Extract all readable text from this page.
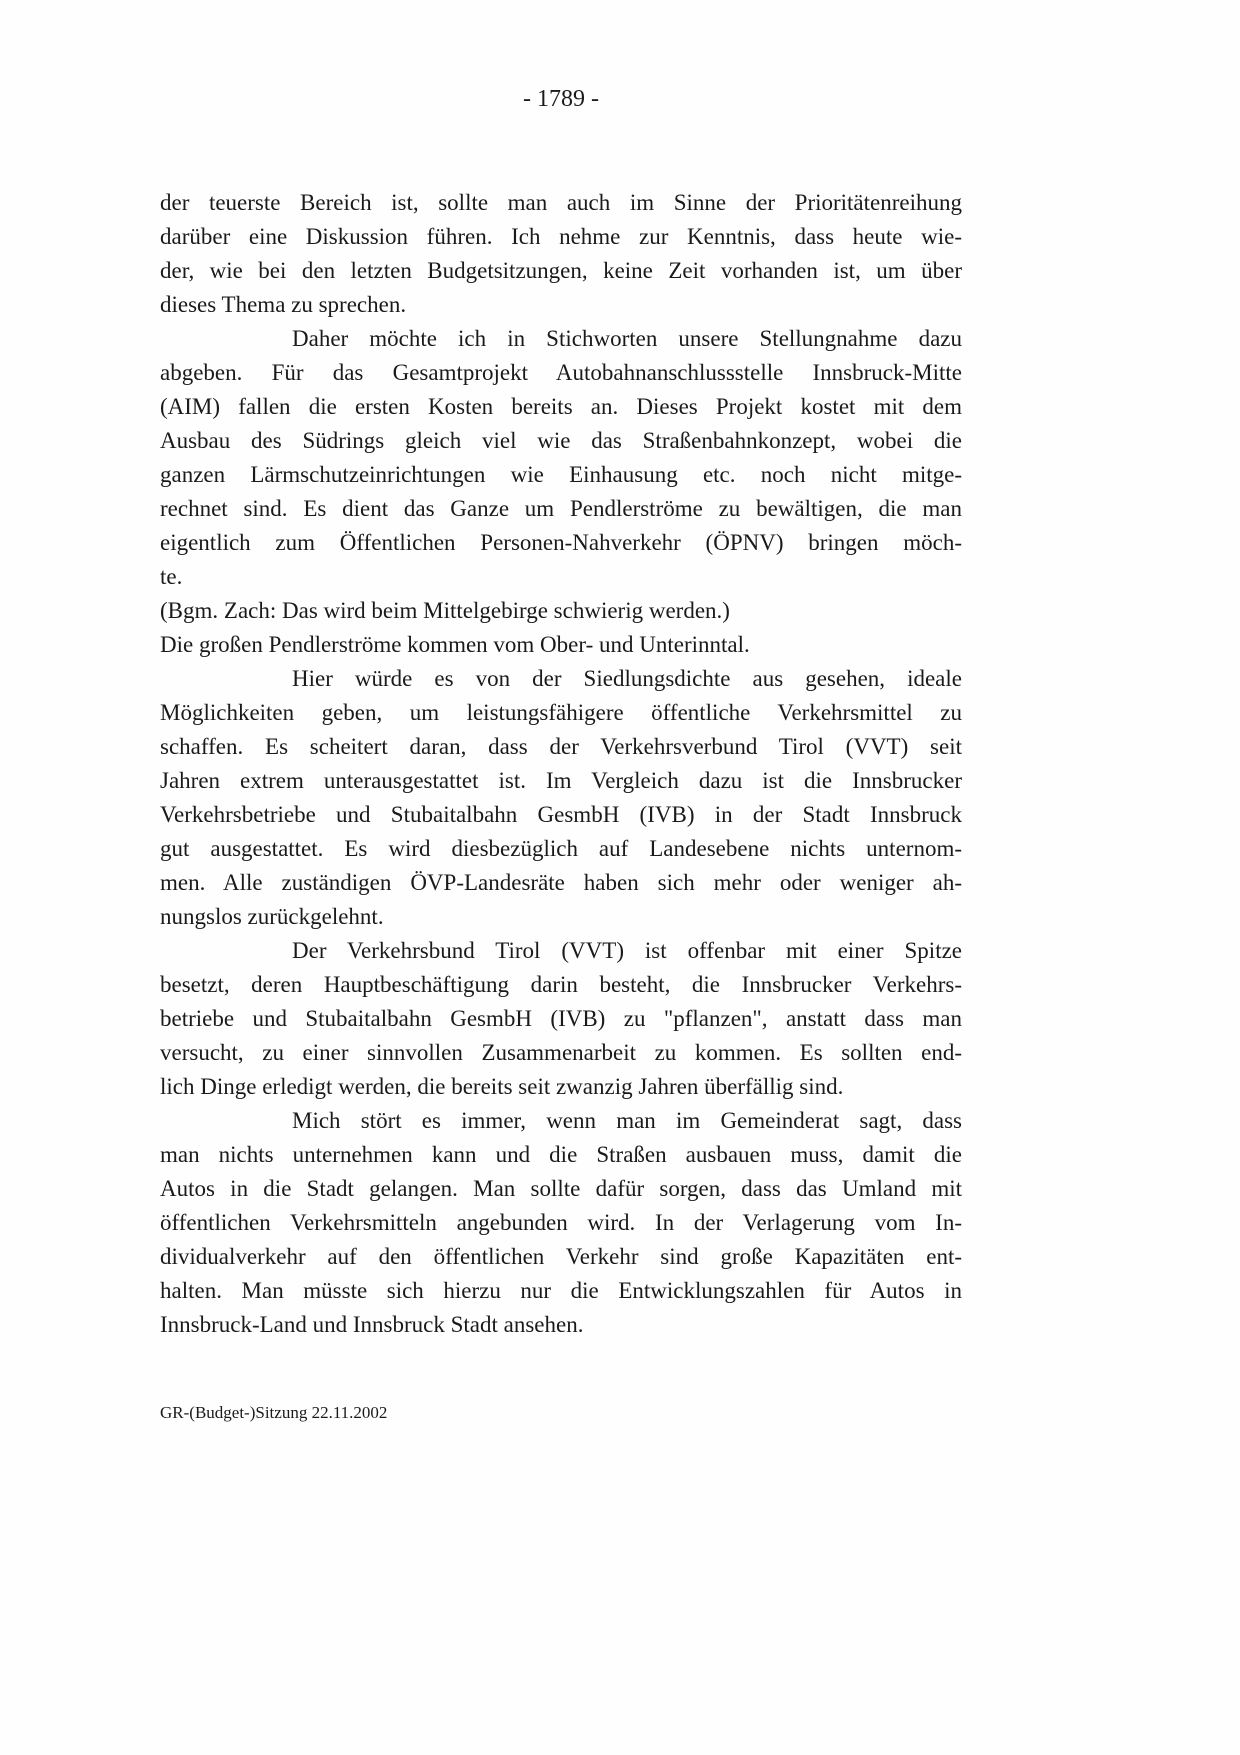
- 1789 -
der teuerste Bereich ist, sollte man auch im Sinne der Prioritätenreihung
darüber eine Diskussion führen. Ich nehme zur Kenntnis, dass heute wie-
der, wie bei den letzten Budgetsitzungen, keine Zeit vorhanden ist, um über
dieses Thema zu sprechen.
Daher möchte ich in Stichworten unsere Stellungnahme dazu
abgeben. Für das Gesamtprojekt Autobahnanschlussstelle Innsbruck-Mitte
(AIM) fallen die ersten Kosten bereits an. Dieses Projekt kostet mit dem
Ausbau des Südrings gleich viel wie das Straßenbahnkonzept, wobei die
ganzen Lärmschutzeinrichtungen wie Einhausung etc. noch nicht mitge-
rechnet sind. Es dient das Ganze um Pendlerströme zu bewältigen, die man
eigentlich zum Öffentlichen Personen-Nahverkehr (ÖPNV) bringen möch-
te.
(Bgm. Zach: Das wird beim Mittelgebirge schwierig werden.)
Die großen Pendlerströme kommen vom Ober- und Unterinntal.
Hier würde es von der Siedlungsdichte aus gesehen, ideale
Möglichkeiten geben, um leistungsfähigere öffentliche Verkehrsmittel zu
schaffen. Es scheitert daran, dass der Verkehrsverbund Tirol (VVT) seit
Jahren extrem unterausgestattet ist. Im Vergleich dazu ist die Innsbrucker
Verkehrsbetriebe und Stubaitalbahn GesmbH (IVB) in der Stadt Innsbruck
gut ausgestattet. Es wird diesbezüglich auf Landesebene nichts unternom-
men. Alle zuständigen ÖVP-Landesräte haben sich mehr oder weniger ah-
nungslos zurückgelehnt.
Der Verkehrsbund Tirol (VVT) ist offenbar mit einer Spitze
besetzt, deren Hauptbeschäftigung darin besteht, die Innsbrucker Verkehrs-
betriebe und Stubaitalbahn GesmbH (IVB) zu "pflanzen", anstatt dass man
versucht, zu einer sinnvollen Zusammenarbeit zu kommen. Es sollten end-
lich Dinge erledigt werden, die bereits seit zwanzig Jahren überfällig sind.
Mich stört es immer, wenn man im Gemeinderat sagt, dass
man nichts unternehmen kann und die Straßen ausbauen muss, damit die
Autos in die Stadt gelangen. Man sollte dafür sorgen, dass das Umland mit
öffentlichen Verkehrsmitteln angebunden wird. In der Verlagerung vom In-
dividualverkehr auf den öffentlichen Verkehr sind große Kapazitäten ent-
halten. Man müsste sich hierzu nur die Entwicklungszahlen für Autos in
Innsbruck-Land und Innsbruck Stadt ansehen.
GR-(Budget-)Sitzung 22.11.2002
